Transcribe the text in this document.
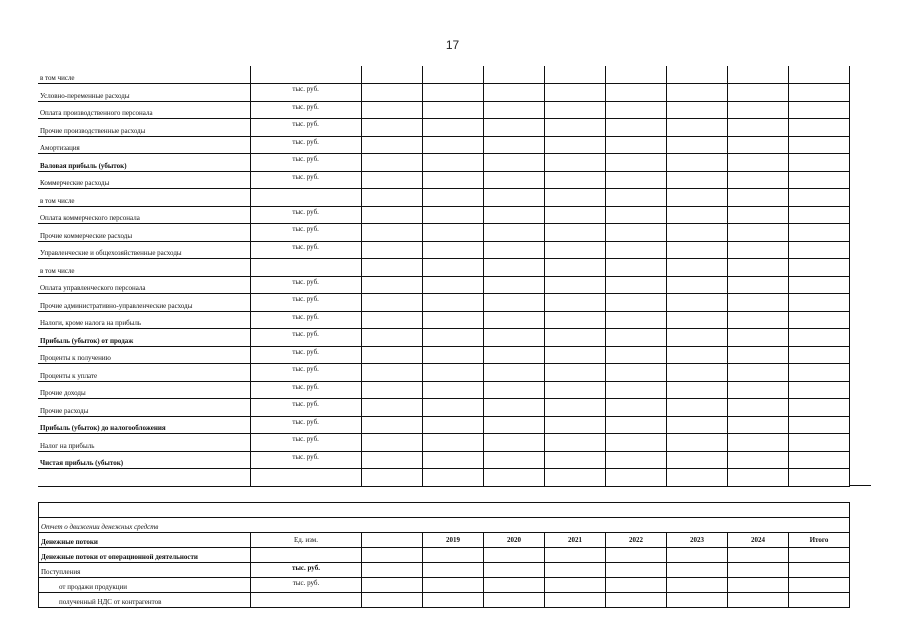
17
в том числе									
Условно-переменные расходы	тыс. руб.								
Оплата производственного персонала	тыс. руб.								
Прочие производственные расходы	тыс. руб.								
Амортизация	тыс. руб.								
Валовая прибыль (убыток)	тыс. руб.								
Коммерческие расходы	тыс. руб.								
в том числе									
Оплата коммерческого персонала	тыс. руб.								
Прочие коммерческие расходы	тыс. руб.								
Управленческие и общехозяйственные расходы	тыс. руб.								
в том числе									
Оплата управленческого персонала	тыс. руб.								
Прочие административно-управленческие расходы	тыс. руб.								
Налоги, кроме налога на прибыль	тыс. руб.								
Прибыль (убыток) от продаж	тыс. руб.								
Проценты к получению	тыс. руб.								
Проценты к уплате	тыс. руб.								
Прочие доходы	тыс. руб.								
Прочие расходы	тыс. руб.								
Прибыль (убыток) до налогообложения	тыс. руб.								
Налог на прибыль	тыс. руб.								
Чистая прибыль (убыток)	тыс. руб.								

Отчет о движении денежных средств									
Денежные потоки	Ед. изм.		2019	2020	2021	2022	2023	2024	Итого
Денежные потоки от операционной деятельности									
Поступления	тыс. руб.								
от продажи продукции	тыс. руб.								
полученный НДС от контрагентов									
